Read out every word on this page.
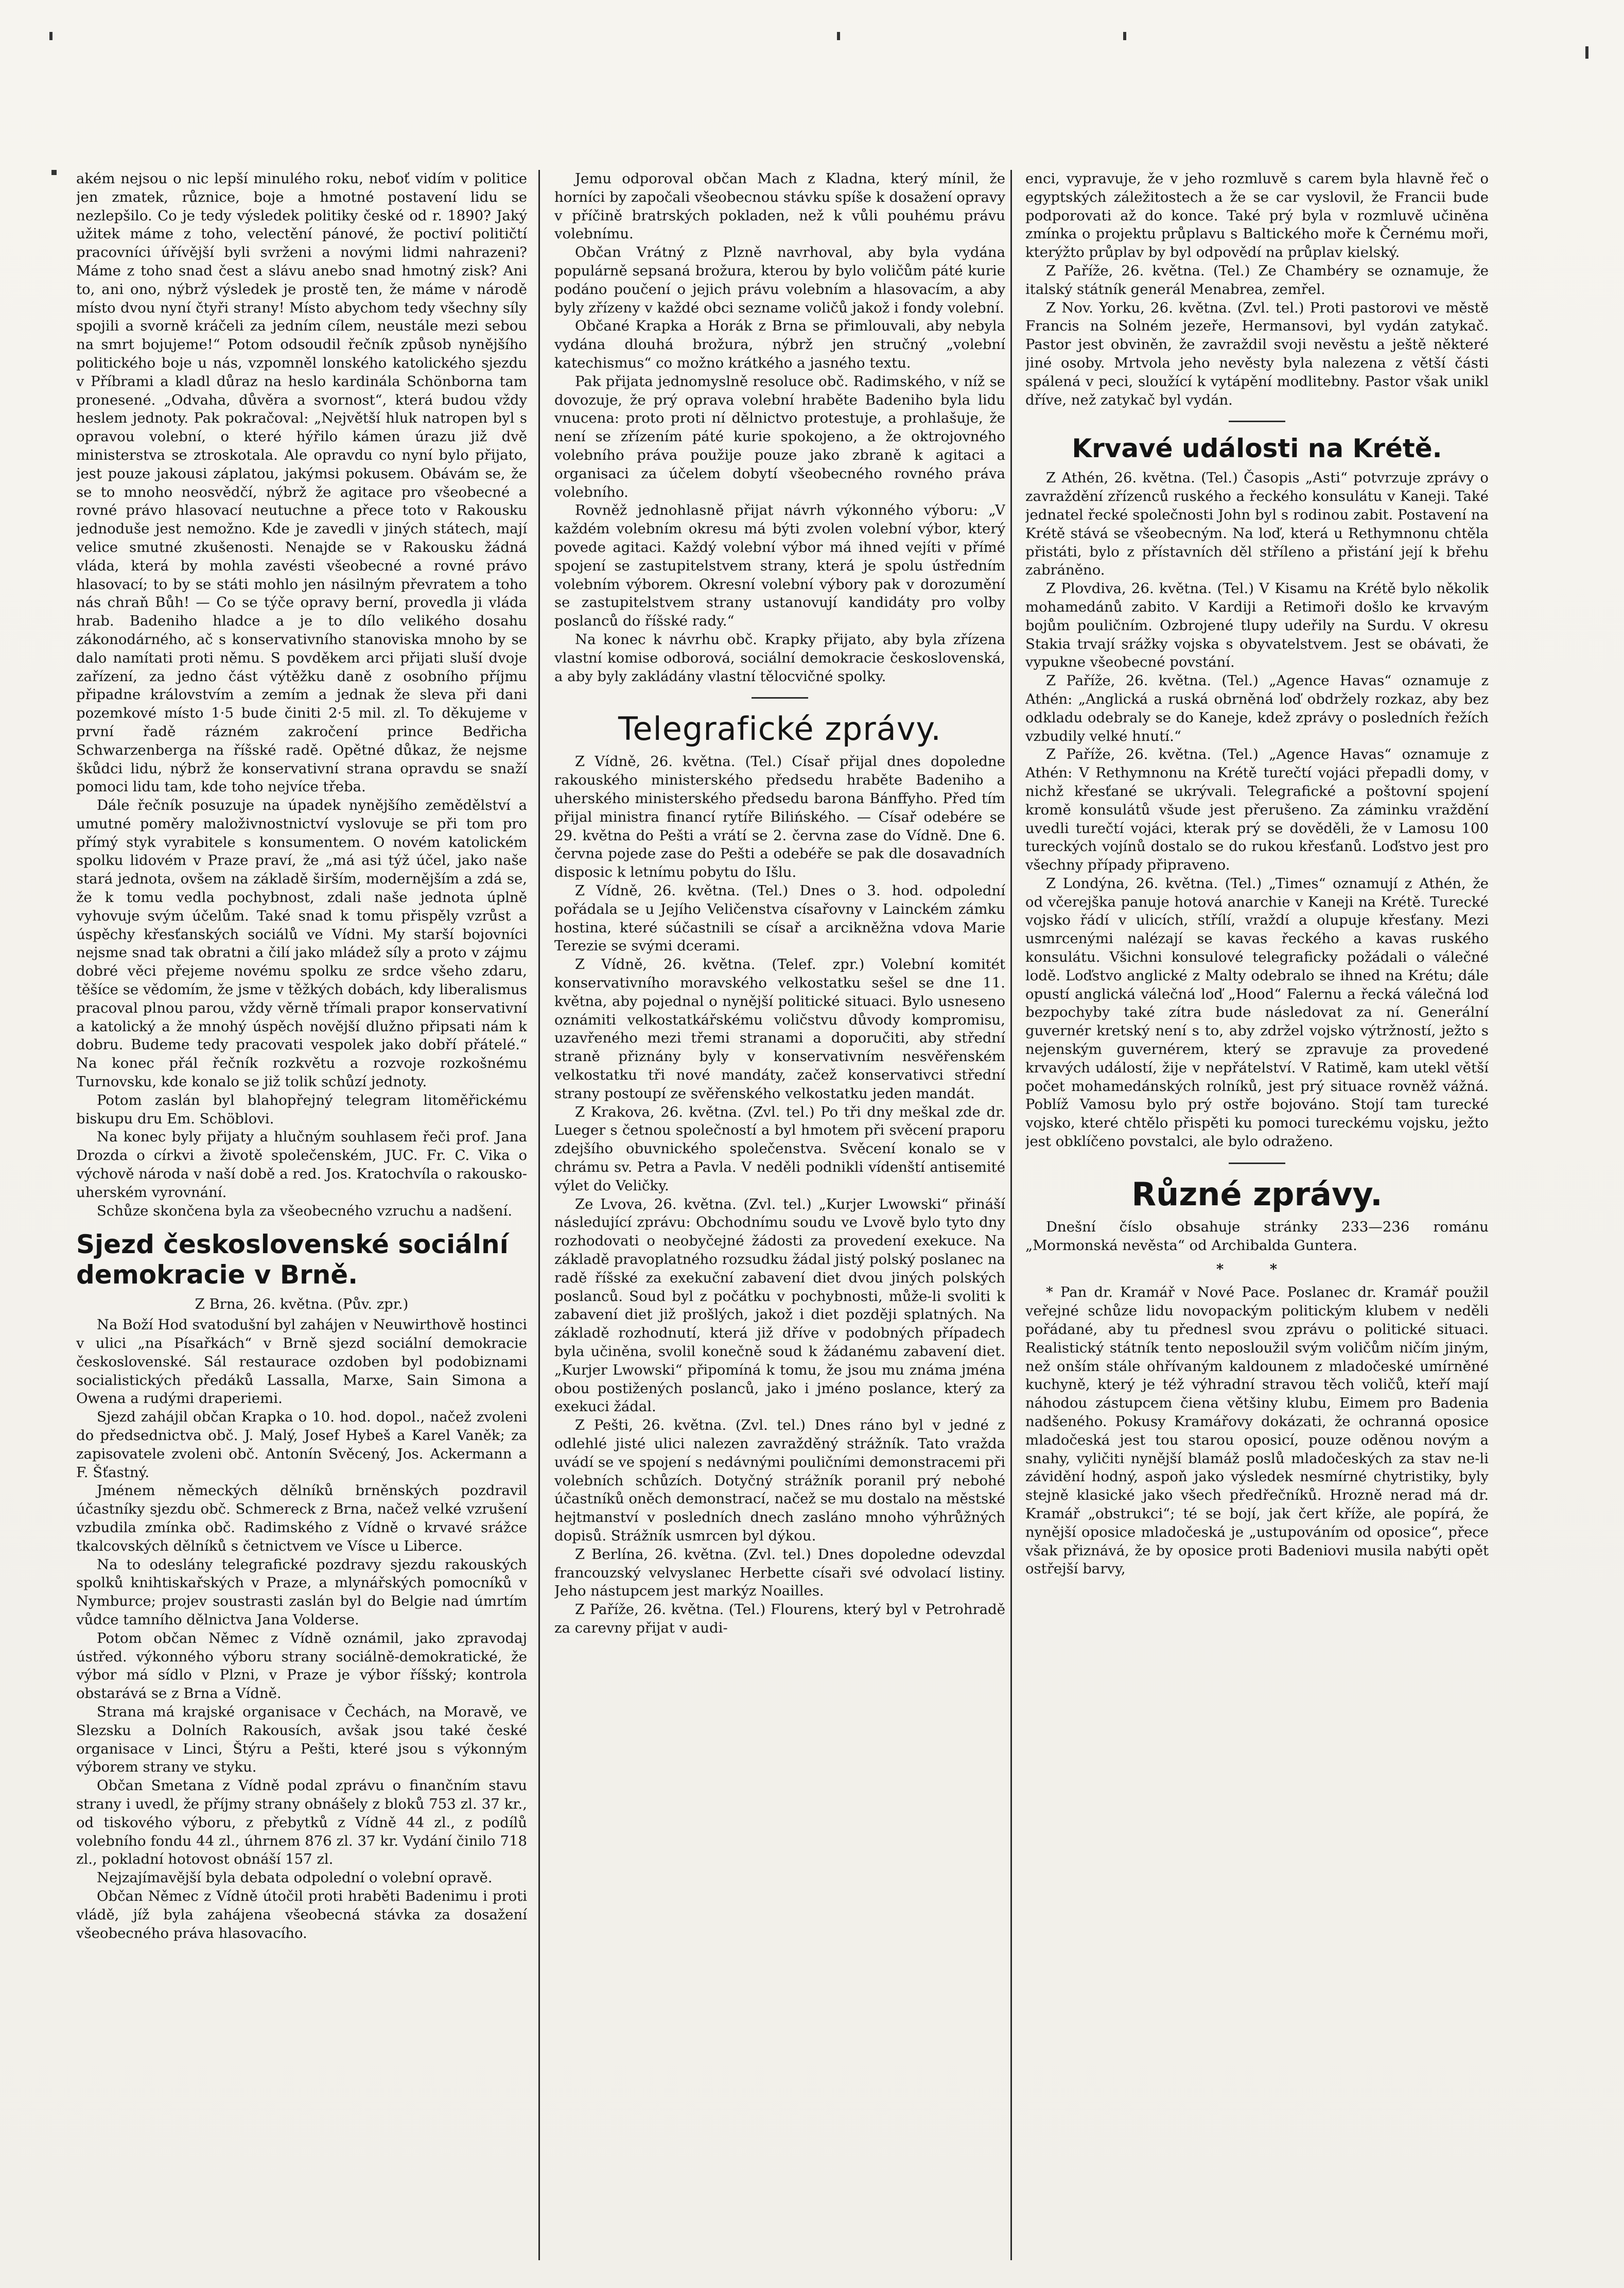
akém nejsou o nic lepší minulého roku, neboť vidím v politice jen zmatek, různice, boje a hmotné postavení lidu se nezlepšilo. Co je tedy výsledek politiky české od r. 1890? Jaký užitek máme z toho, velectění pánové, že poctiví političtí pracovníci úřívější byli svrženi a novými lidmi nahrazeni? Máme z toho snad čest a slávu anebo snad hmotný zisk? Ani to, ani ono, nýbrž výsledek je prostě ten, že máme v národě místo dvou nyní čtyři strany! Místo abychom tedy všechny síly spojili a svorně kráčeli za jedním cílem, neustále mezi sebou na smrt bojujeme!“ Potom odsoudil řečník způsob nynějšího politického boje u nás, vzpomněl lonského katolického sjezdu v Příbrami a kladl důraz na heslo kardinála Schönborna tam pronesené. „Odvaha, důvěra a svornost“, která budou vždy heslem jednoty. Pak pokračoval: „Největší hluk natropen byl s opravou volební, o které hýřilo kámen úrazu již dvě ministerstva se ztroskotala. Ale opravdu co nyní bylo přijato, jest pouze jakousi záplatou, jakýmsi pokusem. Obávám se, že se to mnoho neosvědčí, nýbrž že agitace pro všeobecné a rovné právo hlasovací neutuchne a přece toto v Rakousku jednoduše jest nemožno. Kde je zavedli v jiných státech, mají velice smutné zkušenosti. Nenajde se v Rakousku žádná vláda, která by mohla zavésti všeobecné a rovné právo hlasovací; to by se státi mohlo jen násilným převratem a toho nás chraň Bůh! — Co se týče opravy berní, provedla ji vláda hrab. Badeniho hladce a je to dílo velikého dosahu zákonodárného, ač s konservativního stanoviska mnoho by se dalo namítati proti němu. S povděkem arci přijati sluší dvoje zařízení, za jedno část výtěžku daně z osobního příjmu připadne královstvím a zemím a jednak že sleva při dani pozemkové místo 1·5 bude činiti 2·5 mil. zl. To děkujeme v první řadě rázném zakročení prince Bedřicha Schwarzenberga na říšské radě. Opětné důkaz, že nejsme škůdci lidu, nýbrž že konservativní strana opravdu se snaží pomoci lidu tam, kde toho nejvíce třeba.

Dále řečník posuzuje na úpadek nynějšího zemědělství a umutné poměry maloživnostnictví vyslovuje se při tom pro přímý styk vyrabitele s konsumentem. O novém katolickém spolku lidovém v Praze praví, že „má asi týž účel, jako naše stará jednota, ovšem na základě širším, modernějším a zdá se, že k tomu vedla pochybnost, zdali naše jednota úplně vyhovuje svým účelům. Také snad k tomu přispěly vzrůst a úspěchy křesťanských sociálů ve Vídni. My starší bojovníci nejsme snad tak obratni a čilí jako mládež síly a proto v zájmu dobré věci přejeme novému spolku ze srdce všeho zdaru, těšíce se vědomím, že jsme v těžkých dobách, kdy liberalismus pracoval plnou parou, vždy věrně třímali prapor konservativní a katolický a že mnohý úspěch novější dlužno připsati nám k dobru. Budeme tedy pracovati vespolek jako dobří přátelé.“ Na konec přál řečník rozkvětu a rozvoje rozkošnému Turnovsku, kde konalo se již tolik schůzí jednoty.

Potom zaslán byl blahopřejný telegram litoměřickému biskupu dru Em. Schöblovi.

Na konec byly přijaty a hlučným souhlasem řeči prof. Jana Drozda o církvi a životě společenském, JUC. Fr. C. Vika o výchově národa v naší době a red. Jos. Kratochvíla o rakousko-uherském vyrovnání.

Schůze skončena byla za všeobecného vzruchu a nadšení.

Sjezd československé sociální demokracie v Brně.

Z Brna, 26. května. (Pův. zpr.)

Na Boží Hod svatodušní byl zahájen v Neuwirthově hostinci v ulici „na Písařkách“ v Brně sjezd sociální demokracie československé. Sál restaurace ozdoben byl podobiznami socialistických předáků Lassalla, Marxe, Sain Simona a Owena a rudými draperiemi.

Sjezd zahájil občan Krapka o 10. hod. dopol., načež zvoleni do předsednictva obč. J. Malý, Josef Hybeš a Karel Vaněk; za zapisovatele zvoleni obč. Antonín Svěcený, Jos. Ackermann a F. Šťastný.

Jménem německých dělníků brněnských pozdravil účastníky sjezdu obč. Schmereck z Brna, načež velké vzrušení vzbudila zmínka obč. Radimského z Vídně o krvavé srážce tkalcovských dělníků s četnictvem ve Vísce u Liberce.

Na to odeslány telegrafické pozdravy sjezdu rakouských spolků knihtiskařských v Praze, a mlynářských pomocníků v Nymburce; projev soustrasti zaslán byl do Belgie nad úmrtím vůdce tamního dělnictva Jana Volderse.

Potom občan Němec z Vídně oznámil, jako zpravodaj ústřed. výkonného výboru strany sociálně-demokratické, že výbor má sídlo v Plzni, v Praze je výbor říšský; kontrola obstarává se z Brna a Vídně.

Strana má krajské organisace v Čechách, na Moravě, ve Slezsku a Dolních Rakousích, avšak jsou také české organisace v Linci, Štýru a Pešti, které jsou s výkonným výborem strany ve styku.

Občan Smetana z Vídně podal zprávu o finančním stavu strany i uvedl, že příjmy strany obnášely z bloků 753 zl. 37 kr., od tiskového výboru, z přebytků z Vídně 44 zl., z podílů volebního fondu 44 zl., úhrnem 876 zl. 37 kr. Vydání činilo 718 zl., pokladní hotovost obnáší 157 zl.

Nejzajímavější byla debata odpolední o volební opravě.

Občan Němec z Vídně útočil proti hraběti Badenimu i proti vládě, jíž byla zahájena všeobecná stávka za dosažení všeobecného práva hlasovacího.

Jemu odporoval občan Mach z Kladna, který mínil, že horníci by započali všeobecnou stávku spíše k dosažení opravy v příčině bratrských pokladen, než k vůli pouhému právu volebnímu.

Občan Vrátný z Plzně navrhoval, aby byla vydána populárně sepsaná brožura, kterou by bylo voličům páté kurie podáno poučení o jejich právu volebním a hlasovacím, a aby byly zřízeny v každé obci sezname voličů jakož i fondy volební.

Občané Krapka a Horák z Brna se přimlouvali, aby nebyla vydána dlouhá brožura, nýbrž jen stručný „volební katechismus“ co možno krátkého a jasného textu.

Pak přijata jednomyslně resoluce obč. Radimského, v níž se dovozuje, že prý oprava volební hraběte Badeniho byla lidu vnucena: proto proti ní dělnictvo protestuje, a prohlašuje, že není se zřízením páté kurie spokojeno, a že oktrojovného volebního práva použije pouze jako zbraně k agitaci a organisaci za účelem dobytí všeobecného rovného práva volebního.

Rovněž jednohlasně přijat návrh výkonného výboru: „V každém volebním okresu má býti zvolen volební výbor, který povede agitaci. Každý volební výbor má ihned vejíti v přímé spojení se zastupitelstvem strany, která je spolu ústředním volebním výborem. Okresní volební výbory pak v dorozumění se zastupitelstvem strany ustanovují kandidáty pro volby poslanců do říšské rady.“

Na konec k návrhu obč. Krapky přijato, aby byla zřízena vlastní komise odborová, sociální demokracie československá, a aby byly zakládány vlastní tělocvičné spolky.

Telegrafické zprávy.

Z Vídně, 26. května. (Tel.) Císař přijal dnes dopoledne rakouského ministerského předsedu hraběte Badeniho a uherského ministerského předsedu barona Bánffyho. Před tím přijal ministra financí rytíře Bilińského. — Císař odebére se 29. května do Pešti a vrátí se 2. června zase do Vídně. Dne 6. června pojede zase do Pešti a odebéře se pak dle dosavadních disposic k letnímu pobytu do Išlu.

Z Vídně, 26. května. (Tel.) Dnes o 3. hod. odpolední pořádala se u Jejího Veličenstva císařovny v Lainckém zámku hostina, které súčastnili se císař a arcikněžna vdova Marie Terezie se svými dcerami.

Z Vídně, 26. května. (Telef. zpr.) Volební komitét konservativního moravského velkostatku sešel se dne 11. května, aby pojednal o nynější politické situaci. Bylo usneseno oznámiti velkostatkářskému voličstvu důvody kompromisu, uzavřeného mezi třemi stranami a doporučiti, aby střední straně přiznány byly v konservativním nesvěřenském velkostatku tři nové mandáty, začež konservativci střední strany postoupí ze svěřenského velkostatku jeden mandát.

Z Krakova, 26. května. (Zvl. tel.) Po tři dny meškal zde dr. Lueger s četnou společností a byl hmotem při svěcení praporu zdejšího obuvnického společenstva. Svěcení konalo se v chrámu sv. Petra a Pavla. V neděli podnikli vídenští antisemité výlet do Veličky.

Ze Lvova, 26. května. (Zvl. tel.) „Kurjer Lwowski“ přináší následující zprávu: Obchodnímu soudu ve Lvově bylo tyto dny rozhodovati o neobyčejné žádosti za provedení exekuce. Na základě pravoplatného rozsudku žádal jistý polský poslanec na radě říšské za exekuční zabavení diet dvou jiných polských poslanců. Soud byl z počátku v pochybnosti, může-li svoliti k zabavení diet již prošlých, jakož i diet později splatných. Na základě rozhodnutí, která již dříve v podobných případech byla učiněna, svolil konečně soud k žádanému zabavení diet. „Kurjer Lwowski“ připomíná k tomu, že jsou mu známa jména obou postižených poslanců, jako i jméno poslance, který za exekuci žádal.

Z Pešti, 26. května. (Zvl. tel.) Dnes ráno byl v jedné z odlehlé jisté ulici nalezen zavražděný strážník. Tato vražda uvádí se ve spojení s nedávnými pouličními demonstracemi při volebních schůzích. Dotyčný strážník poranil prý nebohé účastníků oněch demonstrací, načež se mu dostalo na městské hejtmanství v posledních dnech zasláno mnoho výhrůžných dopisů. Strážník usmrcen byl dýkou.

Z Berlína, 26. května. (Zvl. tel.) Dnes dopoledne odevzdal francouzský velvyslanec Herbette císaři své odvolací listiny. Jeho nástupcem jest markýz Noailles.

Z Paříže, 26. května. (Tel.) Flourens, který byl v Petrohradě za carevny přijat v audi-

enci, vypravuje, že v jeho rozmluvě s carem byla hlavně řeč o egyptských záležitostech a že se car vyslovil, že Francii bude podporovati až do konce. Také prý byla v rozmluvě učiněna zmínka o projektu průplavu s Baltického moře k Černému moři, kterýžto průplav by byl odpovědí na průplav kielský.

Z Paříže, 26. května. (Tel.) Ze Chambéry se oznamuje, že italský státník generál Menabrea, zemřel.

Z Nov. Yorku, 26. května. (Zvl. tel.) Proti pastorovi ve městě Francis na Solném jezeře, Hermansovi, byl vydán zatykač. Pastor jest obviněn, že zavraždil svoji nevěstu a ještě některé jiné osoby. Mrtvola jeho nevěsty byla nalezena z větší části spálená v peci, sloužící k vytápění modlitebny. Pastor však unikl dříve, než zatykač byl vydán.

Krvavé události na Krétě.

Z Athén, 26. května. (Tel.) Časopis „Asti“ potvrzuje zprávy o zavraždění zřízenců ruského a řeckého konsulátu v Kaneji. Také jednatel řecké společnosti John byl s rodinou zabit. Postavení na Krétě stává se všeobecným. Na loď, která u Rethymnonu chtěla přistáti, bylo z přístavních děl stříleno a přistání její k břehu zabráněno.

Z Plovdiva, 26. května. (Tel.) V Kisamu na Krétě bylo několik mohamedánů zabito. V Kardiji a Retimoři došlo ke krvavým bojům pouličním. Ozbrojené tlupy udeřily na Surdu. V okresu Stakia trvají srážky vojska s obyvatelstvem. Jest se obávati, že vypukne všeobecné povstání.

Z Paříže, 26. května. (Tel.) „Agence Havas“ oznamuje z Athén: „Anglická a ruská obrněná loď obdržely rozkaz, aby bez odkladu odebraly se do Kaneje, kdež zprávy o posledních řežích vzbudily velké hnutí.“

Z Paříže, 26. května. (Tel.) „Agence Havas“ oznamuje z Athén: V Rethymnonu na Krétě turečtí vojáci přepadli domy, v nichž křesťané se ukrývali. Telegrafické a poštovní spojení kromě konsulátů všude jest přerušeno. Za záminku vraždění uvedli turečtí vojáci, kterak prý se dověděli, že v Lamosu 100 tureckých vojínů dostalo se do rukou křesťanů. Loďstvo jest pro všechny případy připraveno.

Z Londýna, 26. května. (Tel.) „Times“ oznamují z Athén, že od včerejška panuje hotová anarchie v Kaneji na Krétě. Turecké vojsko řádí v ulicích, střílí, vraždí a olupuje křesťany. Mezi usmrcenými nalézají se kavas řeckého a kavas ruského konsulátu. Všichni konsulové telegraficky požádali o válečné lodě. Loďstvo anglické z Malty odebralo se ihned na Krétu; dále opustí anglická válečná loď „Hood“ Falernu a řecká válečná loď bezpochyby také zítra bude následovat za ní. Generální guvernér kretský není s to, aby zdržel vojsko výtržností, ježto s nejenským guvernérem, který se zpravuje za provedené krvavých událostí, žije v nepřátelství. V Ratimě, kam utekl větší počet mohamedánských rolníků, jest prý situace rovněž vážná. Poblíž Vamosu bylo prý ostře bojováno. Stojí tam turecké vojsko, které chtělo přispěti ku pomoci tureckému vojsku, ježto jest obklíčeno povstalci, ale bylo odraženo.

Různé zprávy.

Dnešní číslo obsahuje stránky 233—236 románu „Mormonská nevěsta“ od Archibalda Guntera.

* *

* Pan dr. Kramář v Nové Pace. Poslanec dr. Kramář použil veřejné schůze lidu novopackým politickým klubem v neděli pořádané, aby tu přednesl svou zprávu o politické situaci. Realistický státník tento neposloužil svým voličům ničím jiným, než onším stále ohřívaným kaldounem z mladočeské umírněné kuchyně, který je též výhradní stravou těch voličů, kteří mají náhodou zástupcem čiena většiny klubu, Eimem pro Badenia nadšeného. Pokusy Kramářovy dokázati, že ochranná oposice mladočeská jest tou starou oposicí, pouze oděnou novým a snahy, vyličiti nynější blamáž poslů mladočeských za stav ne-li závidění hodný, aspoň jako výsledek nesmírné chytristiky, byly stejně klasické jako všech předřečníků. Hrozně nerad má dr. Kramář „obstrukci“; té se bojí, jak čert kříže, ale popírá, že nynější oposice mladočeská je „ustupováním od oposice“, přece však přiznává, že by oposice proti Badeniovi musila nabýti opět ostřejší barvy,
